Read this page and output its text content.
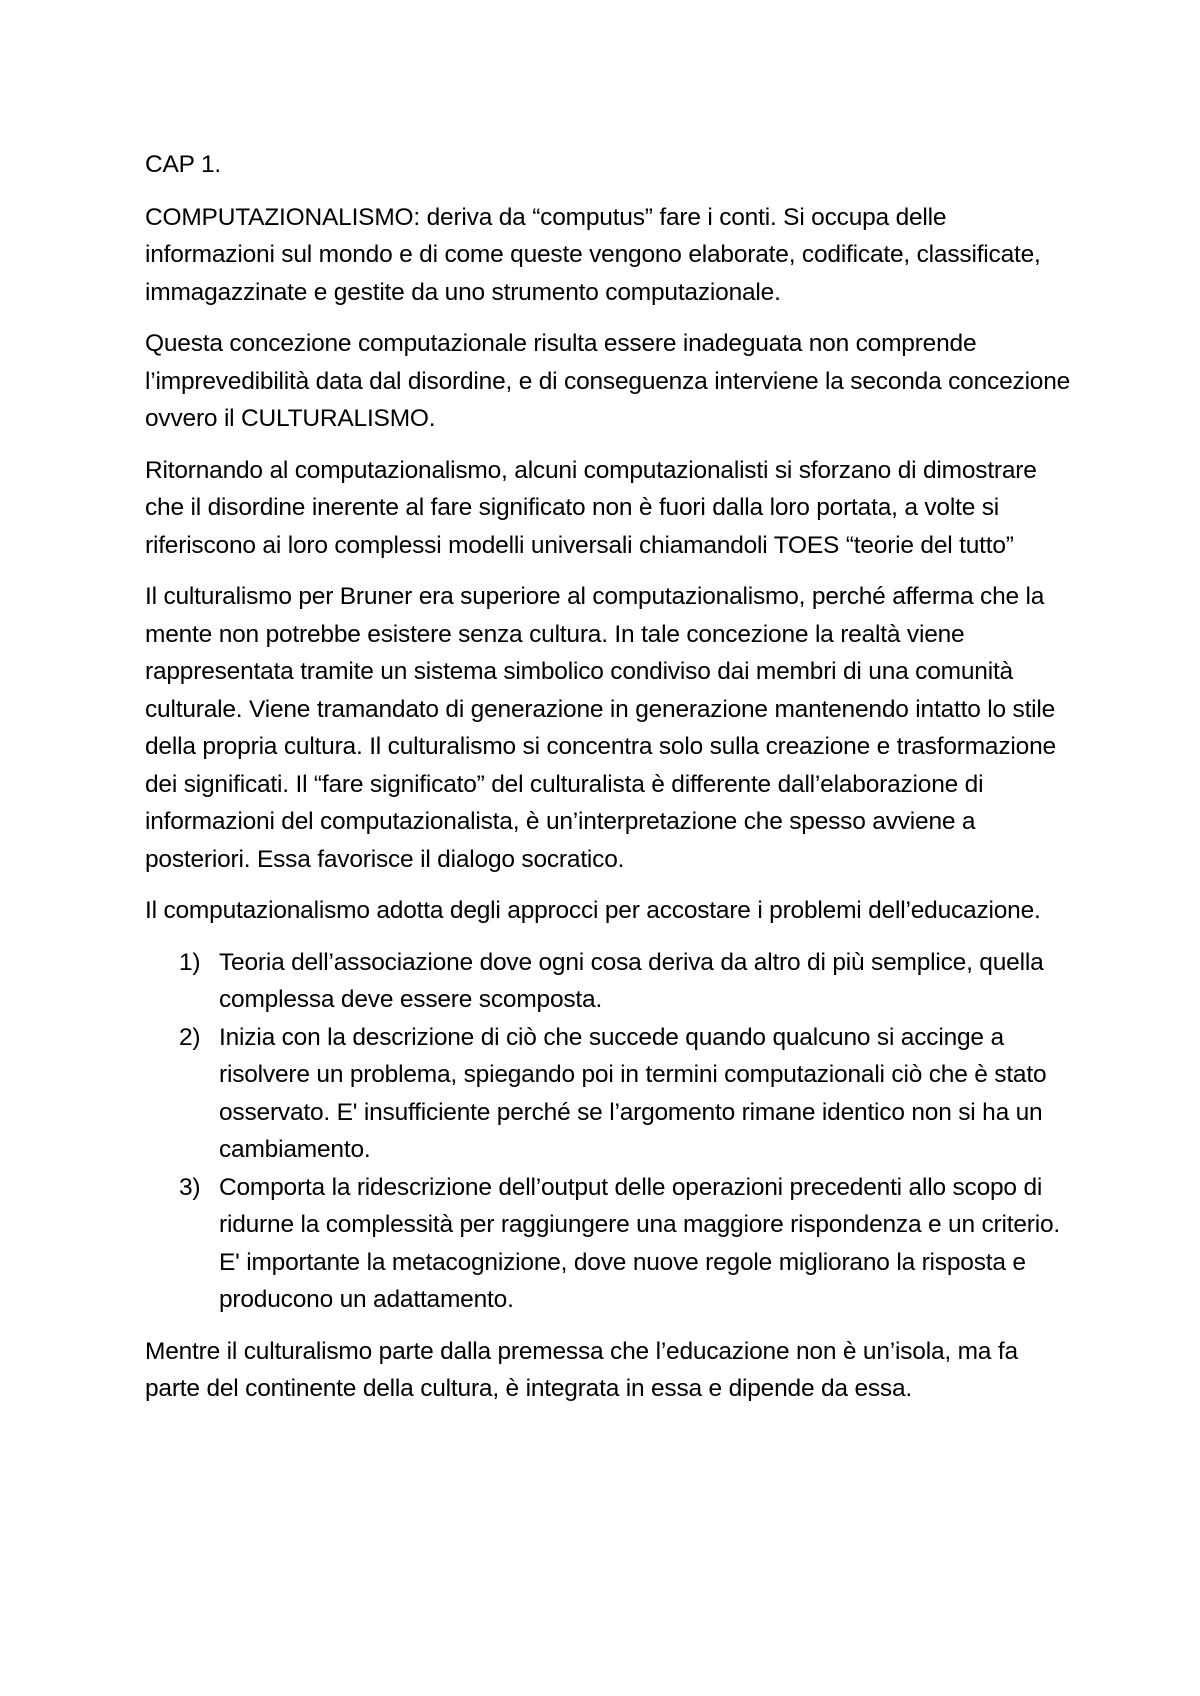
CAP 1.

COMPUTAZIONALISMO: deriva da “computus” fare i conti. Si occupa delle informazioni sul mondo e di come queste vengono elaborate, codificate, classificate, immagazzinate e gestite da uno strumento computazionale.

Questa concezione computazionale risulta essere inadeguata non comprende l’imprevedibilità data dal disordine, e di conseguenza interviene la seconda concezione ovvero il CULTURALISMO.

Ritornando al computazionalismo, alcuni computazionalisti si sforzano di dimostrare che il disordine inerente al fare significato non è fuori dalla loro portata, a volte si riferiscono ai loro complessi modelli universali chiamandoli TOES “teorie del tutto”

Il culturalismo per Bruner era superiore al computazionalismo, perché afferma che la mente non potrebbe esistere senza cultura. In tale concezione la realtà viene rappresentata tramite un sistema simbolico condiviso dai membri di una comunità culturale. Viene tramandato di generazione in generazione mantenendo intatto lo stile della propria cultura. Il culturalismo si concentra solo sulla creazione e trasformazione dei significati. Il “fare significato” del culturalista è differente dall’elaborazione di informazioni del computazionalista, è un’interpretazione che spesso avviene a posteriori. Essa favorisce il dialogo socratico.

Il computazionalismo adotta degli approcci per accostare i problemi dell’educazione.

1) Teoria dell’associazione dove ogni cosa deriva da altro di più semplice, quella complessa deve essere scomposta.
2) Inizia con la descrizione di ciò che succede quando qualcuno si accinge a risolvere un problema, spiegando poi in termini computazionali ciò che è stato osservato. E' insufficiente perché se l’argomento rimane identico non si ha un cambiamento.
3) Comporta la ridescrizione dell’output delle operazioni precedenti allo scopo di ridurne la complessità per raggiungere una maggiore rispondenza e un criterio. E' importante la metacognizione, dove nuove regole migliorano la risposta e producono un adattamento.

Mentre il culturalismo parte dalla premessa che l’educazione non è un’isola, ma fa parte del continente della cultura, è integrata in essa e dipende da essa.
